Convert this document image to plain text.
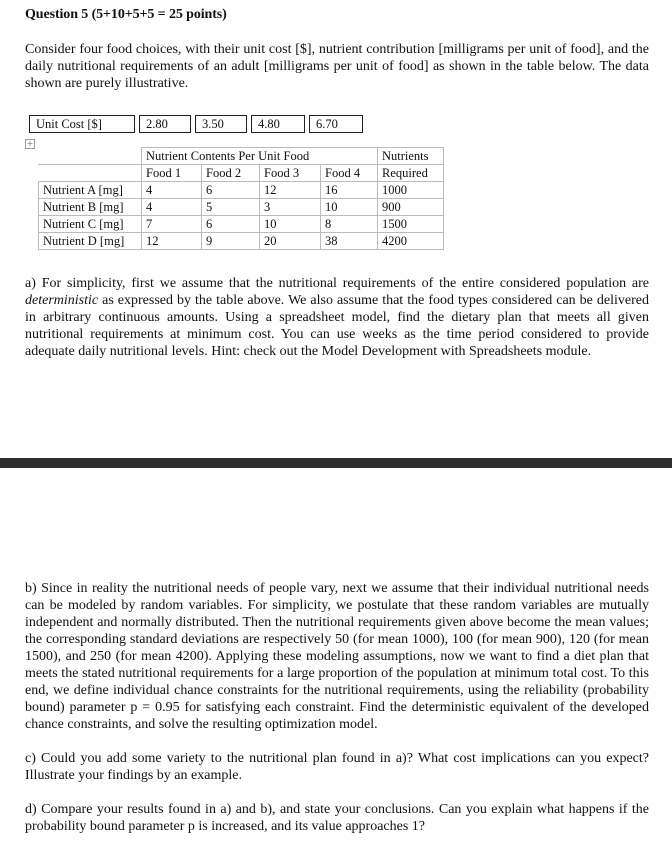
Question 5 (5+10+5+5 = 25 points)

Consider four food choices, with their unit cost [$], nutrient contribution [milligrams per unit of food], and the daily nutritional requirements of an adult [milligrams per unit of food] as shown in the table below. The data shown are purely illustrative.

Unit Cost [$]		2.80		3.50		4.80		6.70
+
	Nutrient Contents Per Unit Food				Nutrients
	Food 1	Food 2	Food 3	Food 4	Required
Nutrient A [mg]	4	6	12	16	1000
Nutrient B [mg]	4	5	3	10	900
Nutrient C [mg]	7	6	10	8	1500
Nutrient D [mg]	12	9	20	38	4200

a) For simplicity, first we assume that the nutritional requirements of the entire considered population are deterministic as expressed by the table above. We also assume that the food types considered can be delivered in arbitrary continuous amounts. Using a spreadsheet model, find the dietary plan that meets all given nutritional requirements at minimum cost. You can use weeks as the time period considered to provide adequate daily nutritional levels. Hint: check out the Model Development with Spreadsheets module.

b) Since in reality the nutritional needs of people vary, next we assume that their individual nutritional needs can be modeled by random variables. For simplicity, we postulate that these random variables are mutually independent and normally distributed. Then the nutritional requirements given above become the mean values; the corresponding standard deviations are respectively 50 (for mean 1000), 100 (for mean 900), 120 (for mean 1500), and 250 (for mean 4200). Applying these modeling assumptions, now we want to find a diet plan that meets the stated nutritional requirements for a large proportion of the population at minimum total cost. To this end, we define individual chance constraints for the nutritional requirements, using the reliability (probability bound) parameter p = 0.95 for satisfying each constraint. Find the deterministic equivalent of the developed chance constraints, and solve the resulting optimization model.

c) Could you add some variety to the nutritional plan found in a)? What cost implications can you expect? Illustrate your findings by an example.

d) Compare your results found in a) and b), and state your conclusions. Can you explain what happens if the probability bound parameter p is increased, and its value approaches 1?
